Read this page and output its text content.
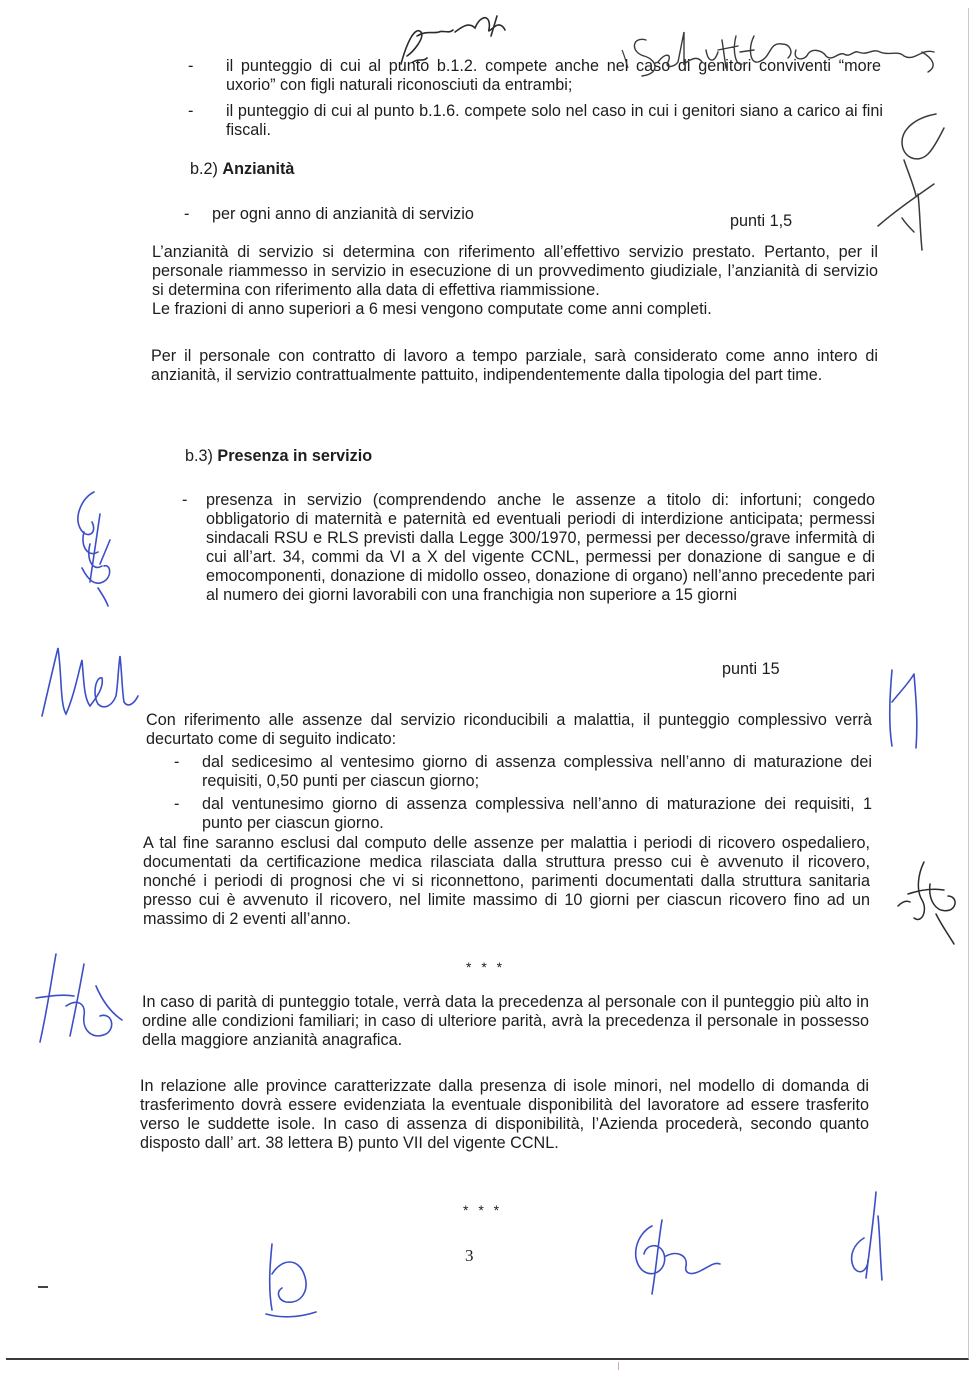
- il punteggio di cui al punto b.1.2. compete anche nel caso di genitori conviventi “more uxorio” con figli naturali riconosciuti da entrambi;
- il punteggio di cui al punto b.1.6. compete solo nel caso in cui i genitori siano a carico ai fini fiscali.
b.2) Anzianità
- per ogni anno di anzianità di servizio	punti 1,5
L’anzianità di servizio si determina con riferimento all’effettivo servizio prestato. Pertanto, per il personale riammesso in servizio in esecuzione di un provvedimento giudiziale, l’anzianità di servizio si determina con riferimento alla data di effettiva riammissione.
Le frazioni di anno superiori a 6 mesi vengono computate come anni completi.
Per il personale con contratto di lavoro a tempo parziale, sarà considerato come anno intero di anzianità, il servizio contrattualmente pattuito, indipendentemente dalla tipologia del part time.
b.3) Presenza in servizio
- presenza in servizio (comprendendo anche le assenze a titolo di: infortuni; congedo obbligatorio di maternità e paternità ed eventuali periodi di interdizione anticipata; permessi sindacali RSU e RLS previsti dalla Legge 300/1970, permessi per decesso/grave infermità di cui all’art. 34, commi da VI a X del vigente CCNL, permessi per donazione di sangue e di emocomponenti, donazione di midollo osseo, donazione di organo) nell’anno precedente pari al numero dei giorni lavorabili con una franchigia non superiore a 15 giorni
punti 15
Con riferimento alle assenze dal servizio riconducibili a malattia, il punteggio complessivo verrà decurtato come di seguito indicato:
- dal sedicesimo al ventesimo giorno di assenza complessiva nell’anno di maturazione dei requisiti, 0,50 punti per ciascun giorno;
- dal ventunesimo giorno di assenza complessiva nell’anno di maturazione dei requisiti, 1 punto per ciascun giorno.
A tal fine saranno esclusi dal computo delle assenze per malattia i periodi di ricovero ospedaliero, documentati da certificazione medica rilasciata dalla struttura presso cui è avvenuto il ricovero, nonché i periodi di prognosi che vi si riconnettono, parimenti documentati dalla struttura sanitaria presso cui è avvenuto il ricovero, nel limite massimo di 10 giorni per ciascun ricovero fino ad un massimo di 2 eventi all’anno.
* * *
In caso di parità di punteggio totale, verrà data la precedenza al personale con il punteggio più alto in ordine alle condizioni familiari; in caso di ulteriore parità, avrà la precedenza il personale in possesso della maggiore anzianità anagrafica.
In relazione alle province caratterizzate dalla presenza di isole minori, nel modello di domanda di trasferimento dovrà essere evidenziata la eventuale disponibilità del lavoratore ad essere trasferito verso le suddette isole. In caso di assenza di disponibilità, l’Azienda procederà, secondo quanto disposto dall’ art. 38 lettera B) punto VII del vigente CCNL.
* * *
3
